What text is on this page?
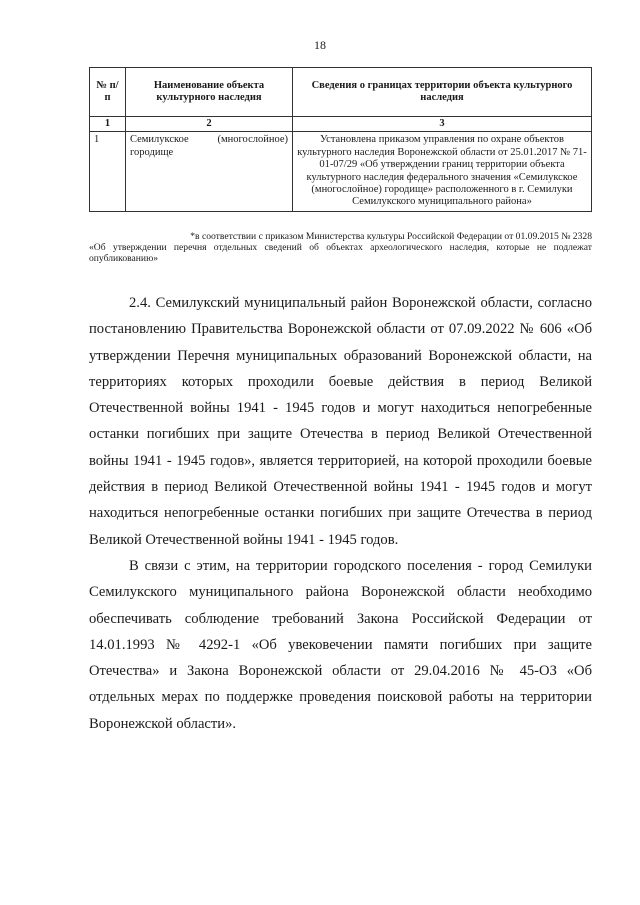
18
№ п/п	Наименование объекта культурного наследия	Сведения о границах территории объекта культурного наследия
1	2	3
1	Семилукское (многослойное) городище	Установлена приказом управления по охране объектов культурного наследия Воронежской области от 25.01.2017 № 71-01-07/29 «Об утверждении границ территории объекта культурного наследия федерального значения «Семилукское (многослойное) городище» расположенного в г. Семилуки Семилукского муниципального района»
*в соответствии с приказом Министерства культуры Российской Федерации от 01.09.2015 № 2328
«Об утверждении перечня отдельных сведений об объектах археологического наследия, которые не подлежат опубликованию»

2.4. Семилукский муниципальный район Воронежской области, согласно постановлению Правительства Воронежской области от 07.09.2022 № 606 «Об утверждении Перечня муниципальных образований Воронежской области, на территориях которых проходили боевые действия в период Великой Отечественной войны 1941 - 1945 годов и могут находиться непогребенные останки погибших при защите Отечества в период Великой Отечественной войны 1941 - 1945 годов», является территорией, на которой проходили боевые действия в период Великой Отечественной войны 1941 - 1945 годов и могут находиться непогребенные останки погибших при защите Отечества в период Великой Отечественной войны 1941 - 1945 годов.

В связи с этим, на территории городского поселения - город Семилуки Семилукского муниципального района Воронежской области необходимо обеспечивать соблюдение требований Закона Российской Федерации от 14.01.1993 № 4292-1 «Об увековечении памяти погибших при защите Отечества» и Закона Воронежской области от 29.04.2016 № 45-ОЗ «Об отдельных мерах по поддержке проведения поисковой работы на территории Воронежской области».
